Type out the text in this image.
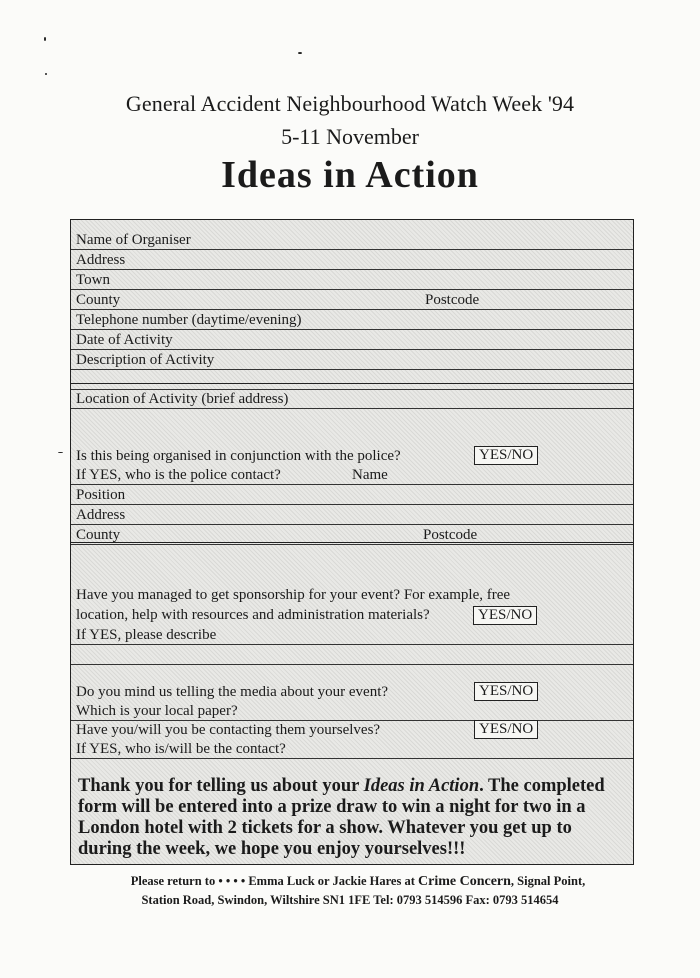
General Accident Neighbourhood Watch Week '94
5-11 November
Ideas in Action
Name of Organiser
Address
Town
County	Postcode
Telephone number (daytime/evening)
Date of Activity
Description of Activity
Location of Activity (brief address)
Is this being organised in conjunction with the police?	YES/NO
If YES, who is the police contact?	Name
Position
Address
County	Postcode
Have you managed to get sponsorship for your event? For example, free
location, help with resources and administration materials?	YES/NO
If YES, please describe
Do you mind us telling the media about your event?	YES/NO
Which is your local paper?
Have you/will you be contacting them yourselves?	YES/NO
If YES, who is/will be the contact?
Thank you for telling us about your Ideas in Action. The completed form will be entered into a prize draw to win a night for two in a London hotel with 2 tickets for a show. Whatever you get up to during the week, we hope you enjoy yourselves!!!
Please return to • • • • Emma Luck or Jackie Hares at Crime Concern, Signal Point,
Station Road, Swindon, Wiltshire SN1 1FE Tel: 0793 514596 Fax: 0793 514654
